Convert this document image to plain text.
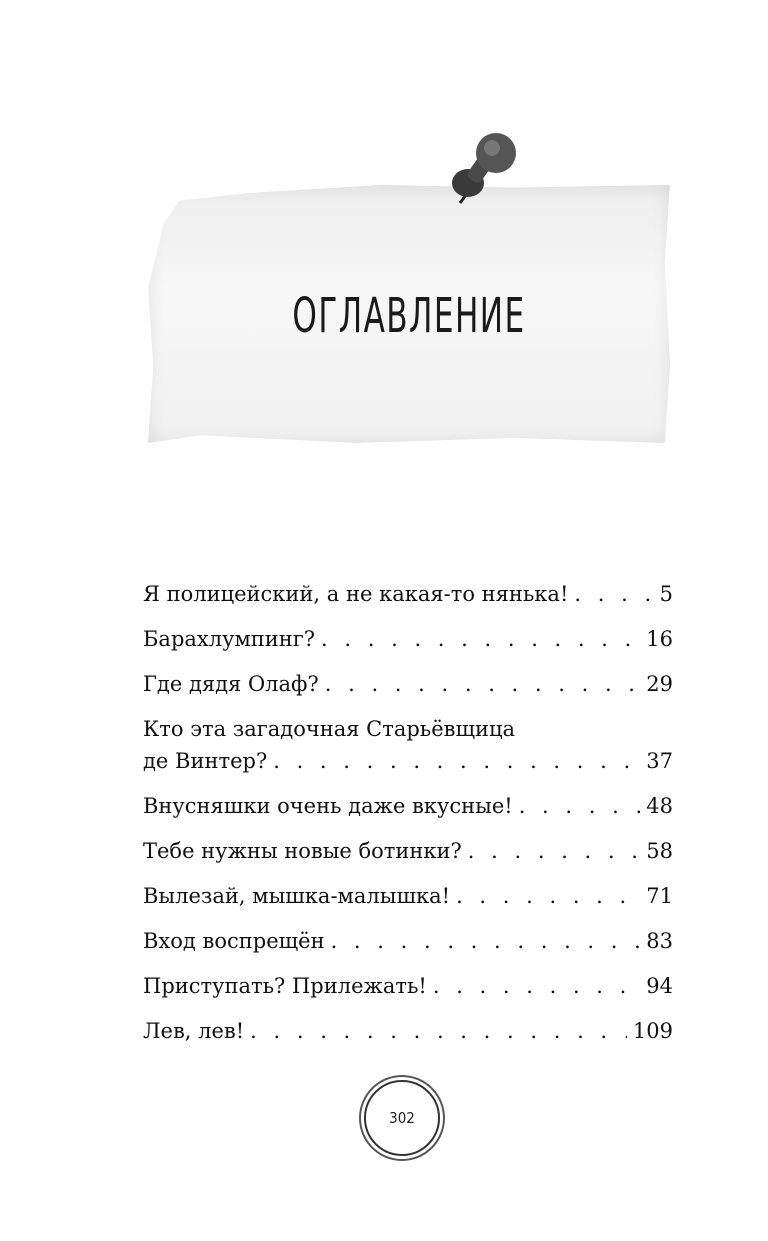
ОГЛАВЛЕНИЕ
Я полицейский, а не какая-то нянька! . . .	5
Барахлумпинг? . . .	16
Где дядя Олаф? . . .	29
Кто эта загадочная Старьёвщица
де Винтер? . . .	37
Внусняшки очень даже вкусные! . . .	48
Тебе нужны новые ботинки? . . .	58
Вылезай, мышка-малышка! . . .	71
Вход воспрещён . . .	83
Приступать? Прилежать! . . .	94
Лев, лев! . . .	109
302
